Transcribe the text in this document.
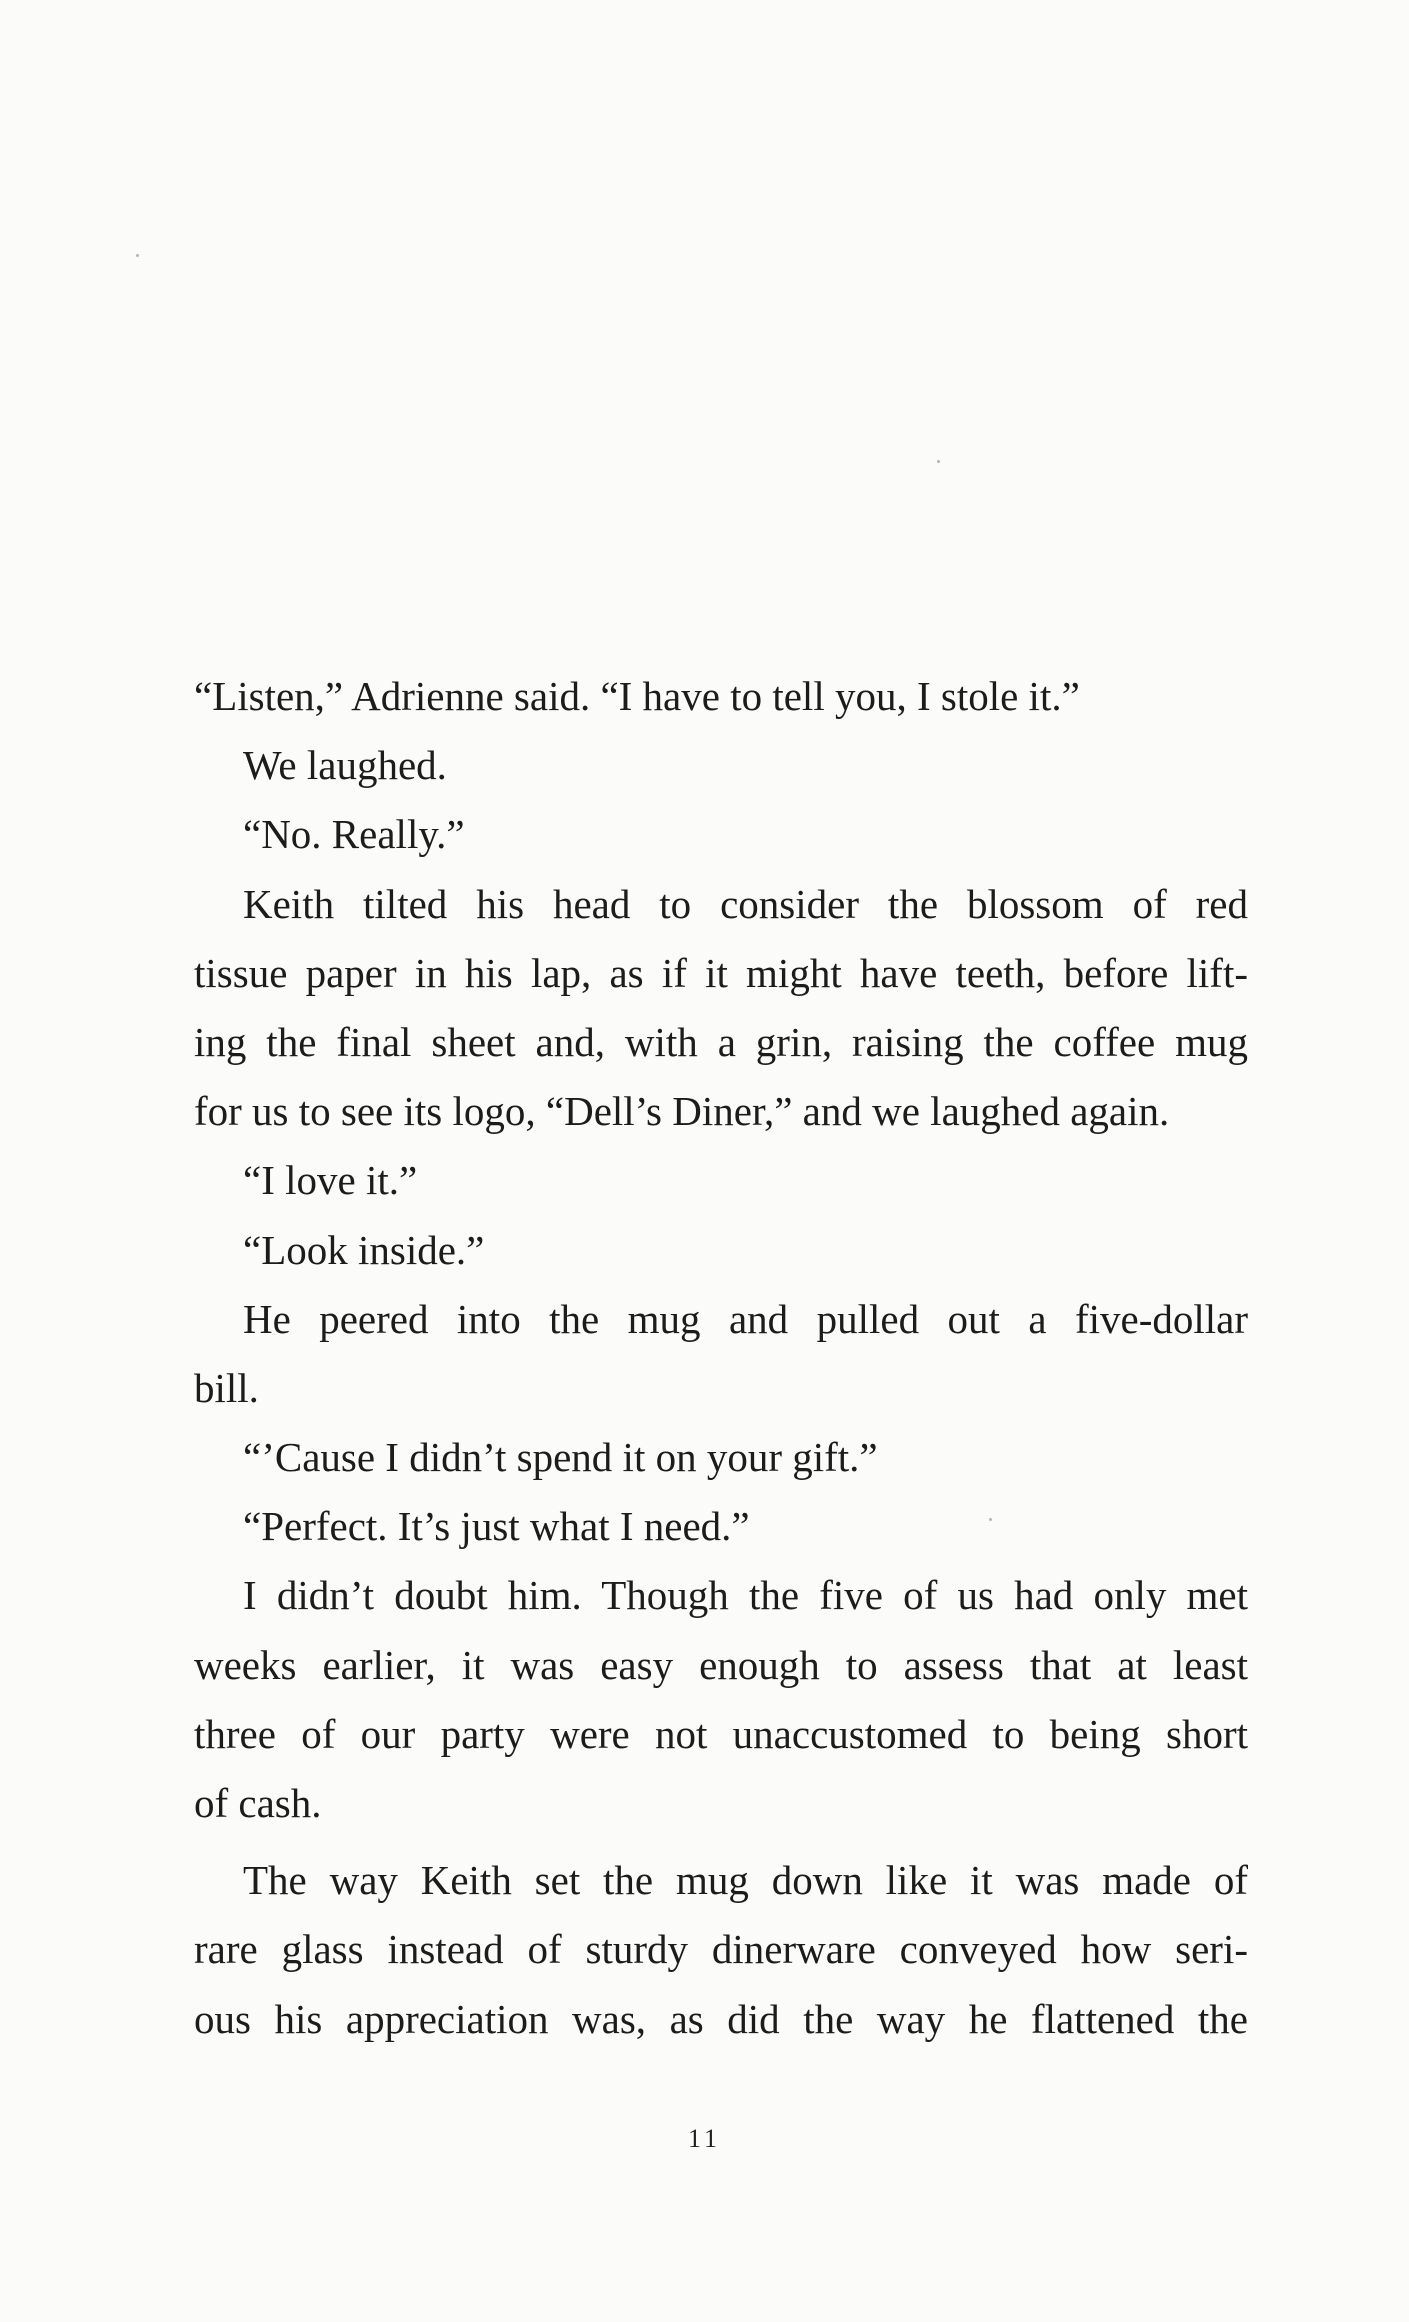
“Listen,” Adrienne said. “I have to tell you, I stole it.”
We laughed.
“No. Really.”
Keith tilted his head to consider the blossom of red
tissue paper in his lap, as if it might have teeth, before lift-
ing the final sheet and, with a grin, raising the coffee mug
for us to see its logo, “Dell’s Diner,” and we laughed again.
“I love it.”
“Look inside.”
He peered into the mug and pulled out a five-dollar
bill.
“’Cause I didn’t spend it on your gift.”
“Perfect. It’s just what I need.”
I didn’t doubt him. Though the five of us had only met
weeks earlier, it was easy enough to assess that at least
three of our party were not unaccustomed to being short
of cash.
The way Keith set the mug down like it was made of
rare glass instead of sturdy dinerware conveyed how seri-
ous his appreciation was, as did the way he flattened the
11
